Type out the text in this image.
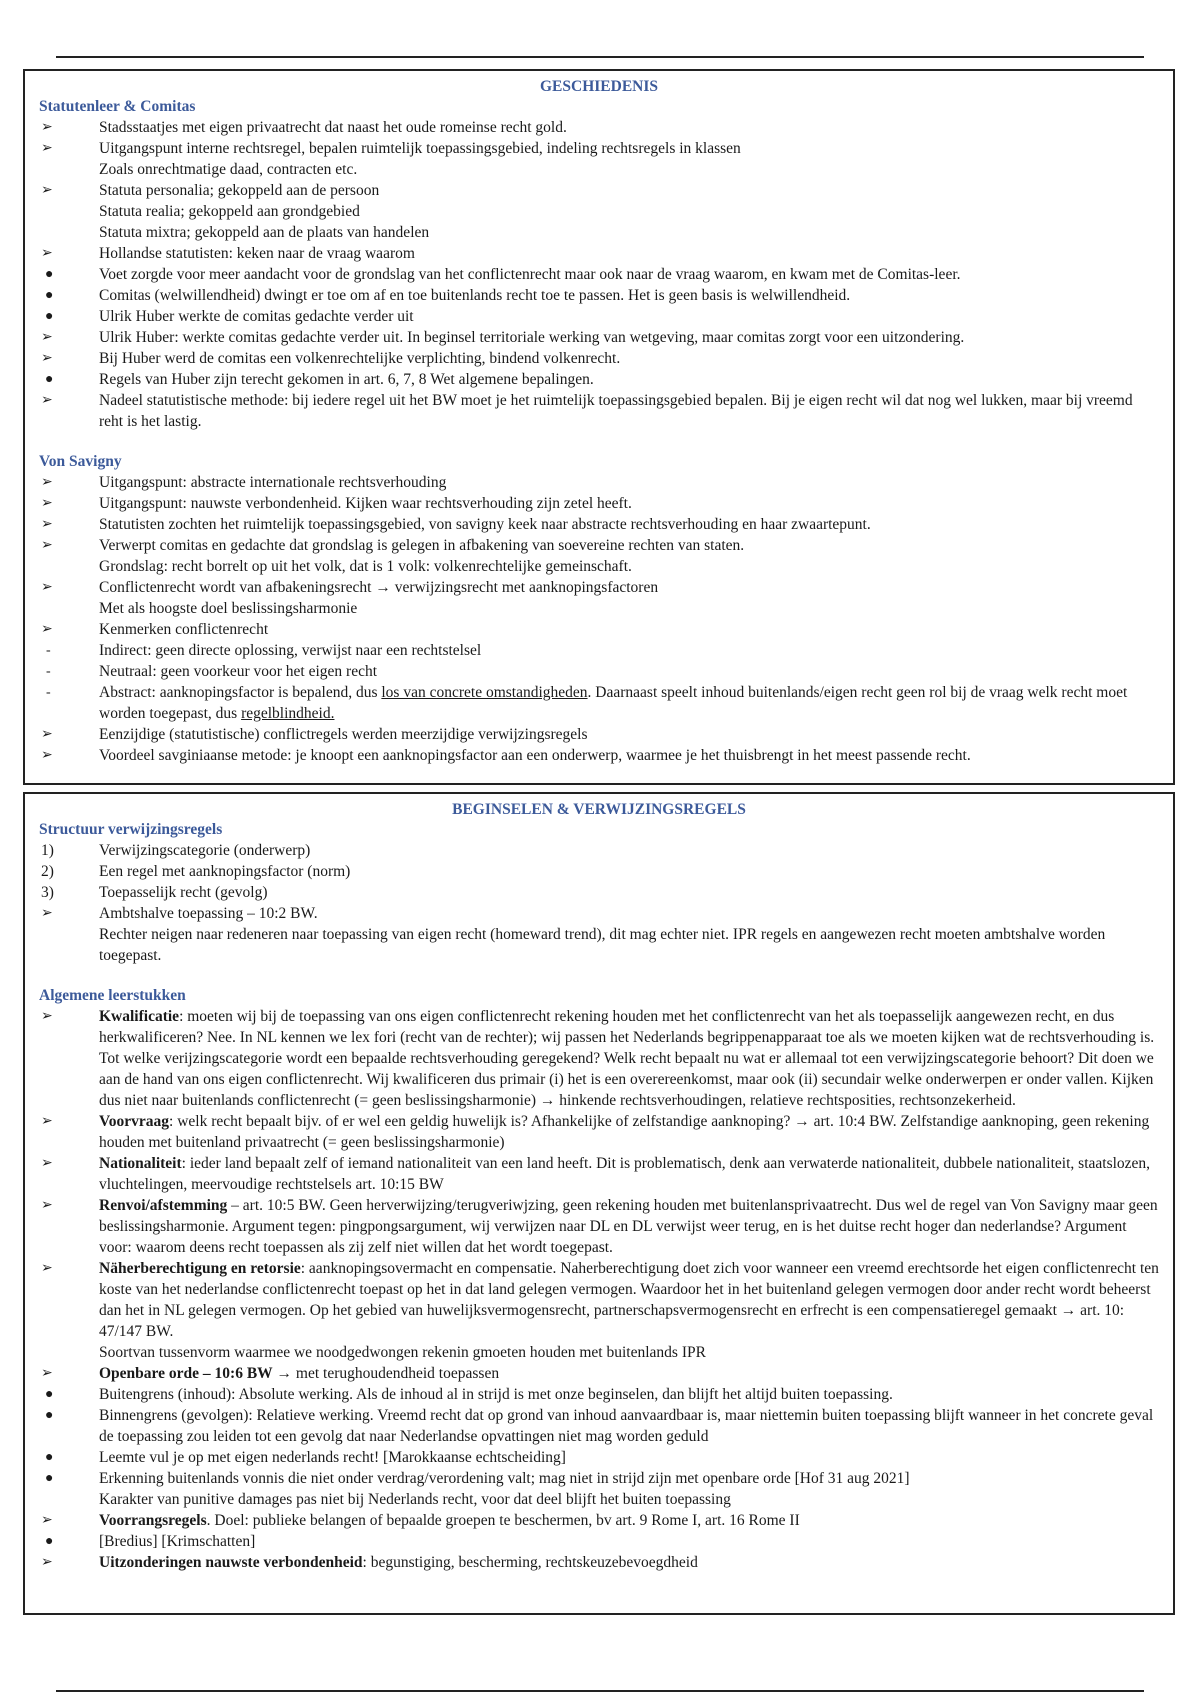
GESCHIEDENIS
Statutenleer & Comitas
➢	Stadsstaatjes met eigen privaatrecht dat naast het oude romeinse recht gold.
➢	Uitgangspunt interne rechtsregel, bepalen ruimtelijk toepassingsgebied, indeling rechtsregels in klassen
Zoals onrechtmatige daad, contracten etc.
➢	Statuta personalia; gekoppeld aan de persoon
Statuta realia; gekoppeld aan grondgebied
Statuta mixtra; gekoppeld aan de plaats van handelen
➢	Hollandse statutisten: keken naar de vraag waarom
●	Voet zorgde voor meer aandacht voor de grondslag van het conflictenrecht maar ook naar de vraag waarom, en kwam met de Comitas-leer.
●	Comitas (welwillendheid) dwingt er toe om af en toe buitenlands recht toe te passen. Het is geen basis is welwillendheid.
●	Ulrik Huber werkte de comitas gedachte verder uit
➢	Ulrik Huber: werkte comitas gedachte verder uit. In beginsel territoriale werking van wetgeving, maar comitas zorgt voor een uitzondering.
➢	Bij Huber werd de comitas een volkenrechtelijke verplichting, bindend volkenrecht.
●	Regels van Huber zijn terecht gekomen in art. 6, 7, 8 Wet algemene bepalingen.
➢	Nadeel statutistische methode: bij iedere regel uit het BW moet je het ruimtelijk toepassingsgebied bepalen. Bij je eigen recht wil dat nog wel lukken, maar bij vreemd reht is het lastig.
Von Savigny
➢	Uitgangspunt: abstracte internationale rechtsverhouding
➢	Uitgangspunt: nauwste verbondenheid. Kijken waar rechtsverhouding zijn zetel heeft.
➢	Statutisten zochten het ruimtelijk toepassingsgebied, von savigny keek naar abstracte rechtsverhouding en haar zwaartepunt.
➢	Verwerpt comitas en gedachte dat grondslag is gelegen in afbakening van soevereine rechten van staten.
Grondslag: recht borrelt op uit het volk, dat is 1 volk: volkenrechtelijke gemeinschaft.
➢	Conflictenrecht wordt van afbakeningsrecht → verwijzingsrecht met aanknopingsfactoren
Met als hoogste doel beslissingsharmonie
➢	Kenmerken conflictenrecht
-	Indirect: geen directe oplossing, verwijst naar een rechtstelsel
-	Neutraal: geen voorkeur voor het eigen recht
-	Abstract: aanknopingsfactor is bepalend, dus los van concrete omstandigheden. Daarnaast speelt inhoud buitenlands/eigen recht geen rol bij de vraag welk recht moet worden toegepast, dus regelblindheid.
➢	Eenzijdige (statutistische) conflictregels werden meerzijdige verwijzingsregels
➢	Voordeel savginiaanse metode: je knoopt een aanknopingsfactor aan een onderwerp, waarmee je het thuisbrengt in het meest passende recht.
BEGINSELEN & VERWIJZINGSREGELS
Structuur verwijzingsregels
1)	Verwijzingscategorie (onderwerp)
2)	Een regel met aanknopingsfactor (norm)
3)	Toepasselijk recht (gevolg)
➢	Ambtshalve toepassing – 10:2 BW.
Rechter neigen naar redeneren naar toepassing van eigen recht (homeward trend), dit mag echter niet. IPR regels en aangewezen recht moeten ambtshalve worden toegepast.
Algemene leerstukken
➢	Kwalificatie: moeten wij bij de toepassing van ons eigen conflictenrecht rekening houden met het conflictenrecht van het als toepasselijk aangewezen recht, en dus herkwalificeren? Nee. In NL kennen we lex fori (recht van de rechter); wij passen het Nederlands begrippenapparaat toe als we moeten kijken wat de rechtsverhouding is. Tot welke verijzingscategorie wordt een bepaalde rechtsverhouding geregekend? Welk recht bepaalt nu wat er allemaal tot een verwijzingscategorie behoort? Dit doen we aan de hand van ons eigen conflictenrecht. Wij kwalificeren dus primair (i) het is een overereenkomst, maar ook (ii) secundair welke onderwerpen er onder vallen. Kijken dus niet naar buitenlands conflictenrecht (= geen beslissingsharmonie) → hinkende rechtsverhoudingen, relatieve rechtsposities, rechtsonzekerheid.
➢	Voorvraag: welk recht bepaalt bijv. of er wel een geldig huwelijk is? Afhankelijke of zelfstandige aanknoping? → art. 10:4 BW. Zelfstandige aanknoping, geen rekening houden met buitenland privaatrecht (= geen beslissingsharmonie)
➢	Nationaliteit: ieder land bepaalt zelf of iemand nationaliteit van een land heeft. Dit is problematisch, denk aan verwaterde nationaliteit, dubbele nationaliteit, staatslozen, vluchtelingen, meervoudige rechtstelsels art. 10:15 BW
➢	Renvoi/afstemming – art. 10:5 BW. Geen herverwijzing/terugveriwjzing, geen rekening houden met buitenlansprivaatrecht. Dus wel de regel van Von Savigny maar geen beslissingsharmonie. Argument tegen: pingpongsargument, wij verwijzen naar DL en DL verwijst weer terug, en is het duitse recht hoger dan nederlandse? Argument voor: waarom deens recht toepassen als zij zelf niet willen dat het wordt toegepast.
➢	Näherberechtigung en retorsie: aanknopingsovermacht en compensatie. Naherberechtigung doet zich voor wanneer een vreemd erechtsorde het eigen conflictenrecht ten koste van het nederlandse conflictenrecht toepast op het in dat land gelegen vermogen. Waardoor het in het buitenland gelegen vermogen door ander recht wordt beheerst dan het in NL gelegen vermogen. Op het gebied van huwelijksvermogensrecht, partnerschapsvermogensrecht en erfrecht is een compensatieregel gemaakt → art. 10: 47/147 BW.
Soortvan tussenvorm waarmee we noodgedwongen rekenin gmoeten houden met buitenlands IPR
➢	Openbare orde – 10:6 BW → met terughoudendheid toepassen
●	Buitengrens (inhoud): Absolute werking. Als de inhoud al in strijd is met onze beginselen, dan blijft het altijd buiten toepassing.
●	Binnengrens (gevolgen): Relatieve werking. Vreemd recht dat op grond van inhoud aanvaardbaar is, maar niettemin buiten toepassing blijft wanneer in het concrete geval de toepassing zou leiden tot een gevolg dat naar Nederlandse opvattingen niet mag worden geduld
●	Leemte vul je op met eigen nederlands recht! [Marokkaanse echtscheiding]
●	Erkenning buitenlands vonnis die niet onder verdrag/verordening valt; mag niet in strijd zijn met openbare orde [Hof 31 aug 2021]
Karakter van punitive damages pas niet bij Nederlands recht, voor dat deel blijft het buiten toepassing
➢	Voorrangsregels. Doel: publieke belangen of bepaalde groepen te beschermen, bv art. 9 Rome I, art. 16 Rome II
●	[Bredius] [Krimschatten]
➢	Uitzonderingen nauwste verbondenheid: begunstiging, bescherming, rechtskeuzebevoegdheid
